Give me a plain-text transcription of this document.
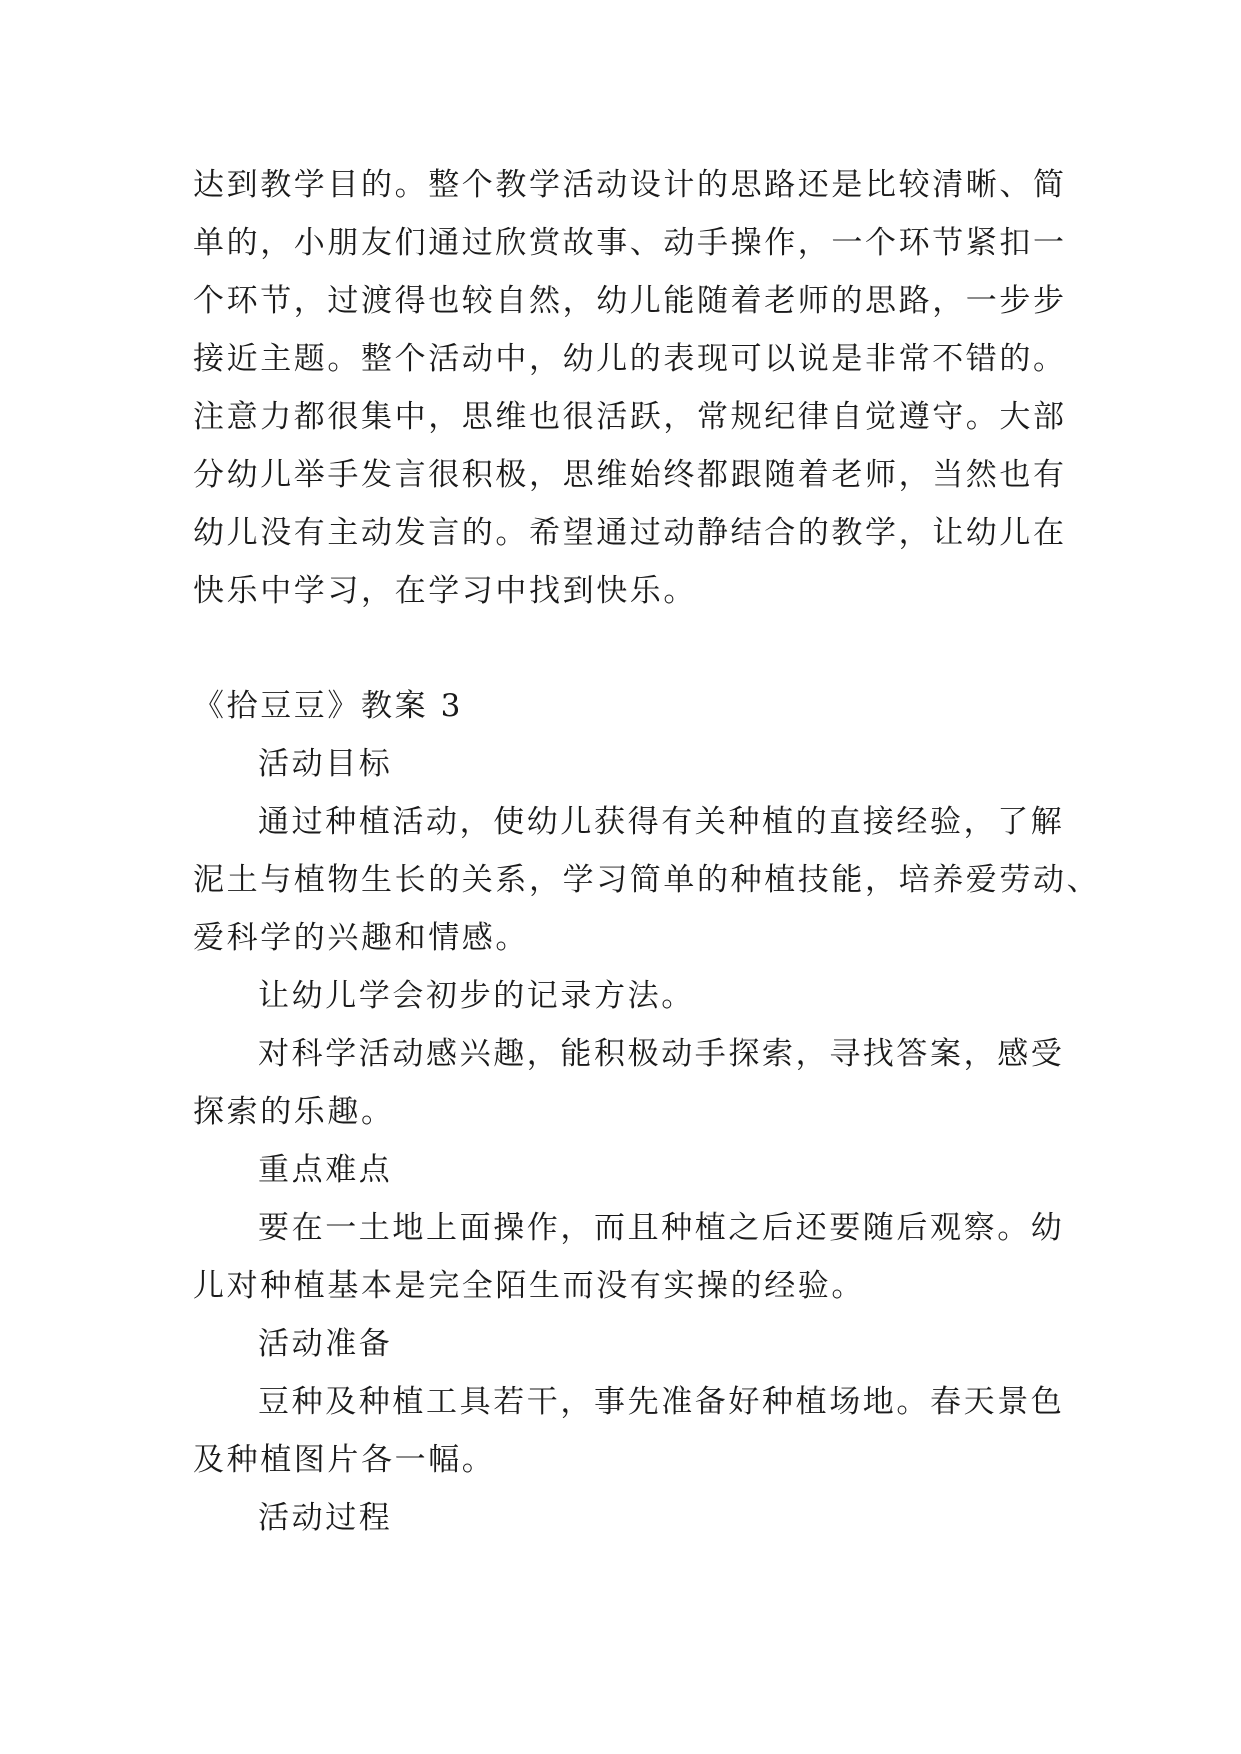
达到教学目的。整个教学活动设计的思路还是比较清晰、简
单的，小朋友们通过欣赏故事、动手操作，一个环节紧扣一
个环节，过渡得也较自然，幼儿能随着老师的思路，一步步
接近主题。整个活动中，幼儿的表现可以说是非常不错的。
注意力都很集中，思维也很活跃，常规纪律自觉遵守。大部
分幼儿举手发言很积极，思维始终都跟随着老师，当然也有
幼儿没有主动发言的。希望通过动静结合的教学，让幼儿在
快乐中学习，在学习中找到快乐。
《拾豆豆》教案 3
活动目标
通过种植活动，使幼儿获得有关种植的直接经验，了解
泥土与植物生长的关系，学习简单的种植技能，培养爱劳动、
爱科学的兴趣和情感。
让幼儿学会初步的记录方法。
对科学活动感兴趣，能积极动手探索，寻找答案，感受
探索的乐趣。
重点难点
要在一土地上面操作，而且种植之后还要随后观察。幼
儿对种植基本是完全陌生而没有实操的经验。
活动准备
豆种及种植工具若干，事先准备好种植场地。春天景色
及种植图片各一幅。
活动过程
